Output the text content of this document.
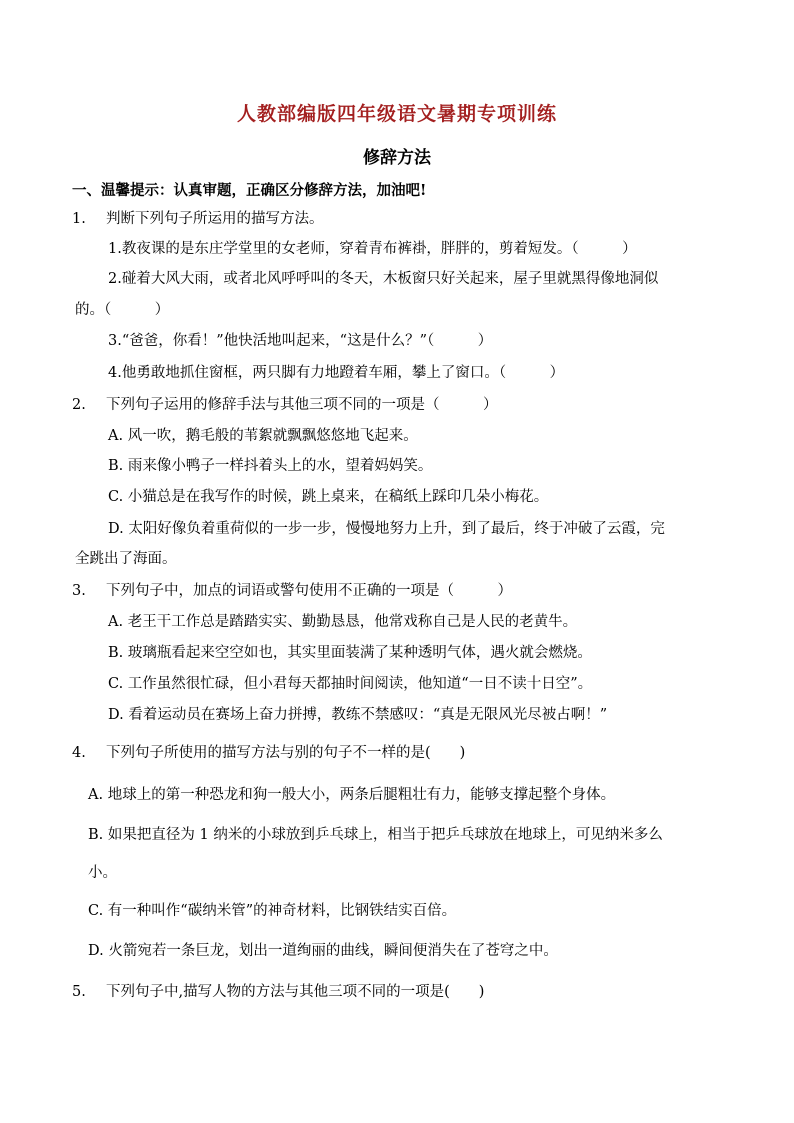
人教部编版四年级语文暑期专项训练
修辞方法
一、温馨提示：认真审题，正确区分修辞方法，加油吧!
1. 判断下列句子所运用的描写方法。
1.教夜课的是东庄学堂里的女老师，穿着青布裤褂，胖胖的，剪着短发。（　　　）
2.碰着大风大雨，或者北风呼呼叫的冬天，木板窗只好关起来，屋子里就黑得像地洞似
的。（　　　）
3.“爸爸，你看！”他快活地叫起来，“这是什么？”（　　　）
4.他勇敢地抓住窗框，两只脚有力地蹬着车厢，攀上了窗口。（　　　）
2. 下列句子运用的修辞手法与其他三项不同的一项是（　　　）
A. 风一吹，鹅毛般的苇絮就飘飘悠悠地飞起来。
B. 雨来像小鸭子一样抖着头上的水，望着妈妈笑。
C. 小猫总是在我写作的时候，跳上桌来，在稿纸上踩印几朵小梅花。
D. 太阳好像负着重荷似的一步一步，慢慢地努力上升，到了最后，终于冲破了云霞，完
全跳出了海面。
3. 下列句子中，加点的词语或警句使用不正确的一项是（　　　）
A. 老王干工作总是踏踏实实、勤勤恳恳，他常戏称自己是人民的老黄牛。
B. 玻璃瓶看起来空空如也，其实里面装满了某种透明气体，遇火就会燃烧。
C. 工作虽然很忙碌，但小君每天都抽时间阅读，他知道“一日不读十日空”。
D. 看着运动员在赛场上奋力拼搏，教练不禁感叹：“真是无限风光尽被占啊！”
4. 下列句子所使用的描写方法与别的句子不一样的是(　　)
A. 地球上的第一种恐龙和狗一般大小，两条后腿粗壮有力，能够支撑起整个身体。
B. 如果把直径为 1 纳米的小球放到乒乓球上，相当于把乒乓球放在地球上，可见纳米多么
小。
C. 有一种叫作“碳纳米管”的神奇材料，比钢铁结实百倍。
D. 火箭宛若一条巨龙，划出一道绚丽的曲线，瞬间便消失在了苍穹之中。
5. 下列句子中,描写人物的方法与其他三项不同的一项是(　　)
